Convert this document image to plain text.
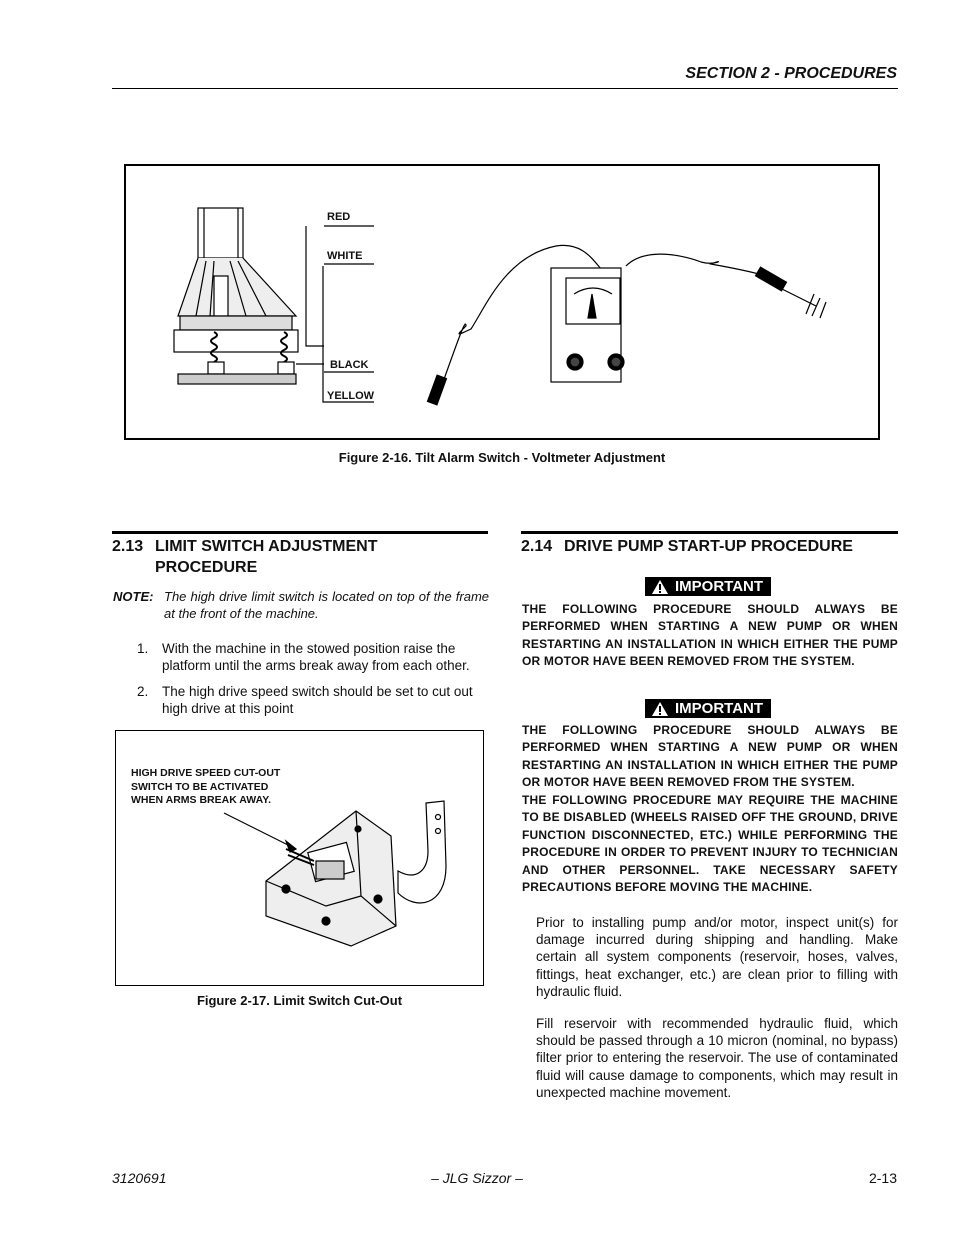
SECTION 2 - PROCEDURES
RED
WHITE
BLACK
YELLOW
Figure 2-16. Tilt Alarm Switch - Voltmeter Adjustment
2.13 LIMIT SWITCH ADJUSTMENT
PROCEDURE
NOTE: The high drive limit switch is located on top of the frame at the front of the machine.
1. With the machine in the stowed position raise the platform until the arms break away from each other.
2. The high drive speed switch should be set to cut out high drive at this point
HIGH DRIVE SPEED CUT-OUT
SWITCH TO BE ACTIVATED
WHEN ARMS BREAK AWAY.
Figure 2-17. Limit Switch Cut-Out
2.14 DRIVE PUMP START-UP PROCEDURE
IMPORTANT
THE FOLLOWING PROCEDURE SHOULD ALWAYS BE PERFORMED WHEN STARTING A NEW PUMP OR WHEN RESTARTING AN INSTALLATION IN WHICH EITHER THE PUMP OR MOTOR HAVE BEEN REMOVED FROM THE SYSTEM.
IMPORTANT
THE FOLLOWING PROCEDURE SHOULD ALWAYS BE PERFORMED WHEN STARTING A NEW PUMP OR WHEN RESTARTING AN INSTALLATION IN WHICH EITHER THE PUMP OR MOTOR HAVE BEEN REMOVED FROM THE SYSTEM.
THE FOLLOWING PROCEDURE MAY REQUIRE THE MACHINE TO BE DISABLED (WHEELS RAISED OFF THE GROUND, DRIVE FUNCTION DISCONNECTED, ETC.) WHILE PERFORMING THE PROCEDURE IN ORDER TO PREVENT INJURY TO TECHNICIAN AND OTHER PERSONNEL. TAKE NECESSARY SAFETY PRECAUTIONS BEFORE MOVING THE MACHINE.
Prior to installing pump and/or motor, inspect unit(s) for damage incurred during shipping and handling. Make certain all system components (reservoir, hoses, valves, fittings, heat exchanger, etc.) are clean prior to filling with hydraulic fluid.
Fill reservoir with recommended hydraulic fluid, which should be passed through a 10 micron (nominal, no bypass) filter prior to entering the reservoir. The use of contaminated fluid will cause damage to components, which may result in unexpected machine movement.
3120691	– JLG Sizzor –	2-13
